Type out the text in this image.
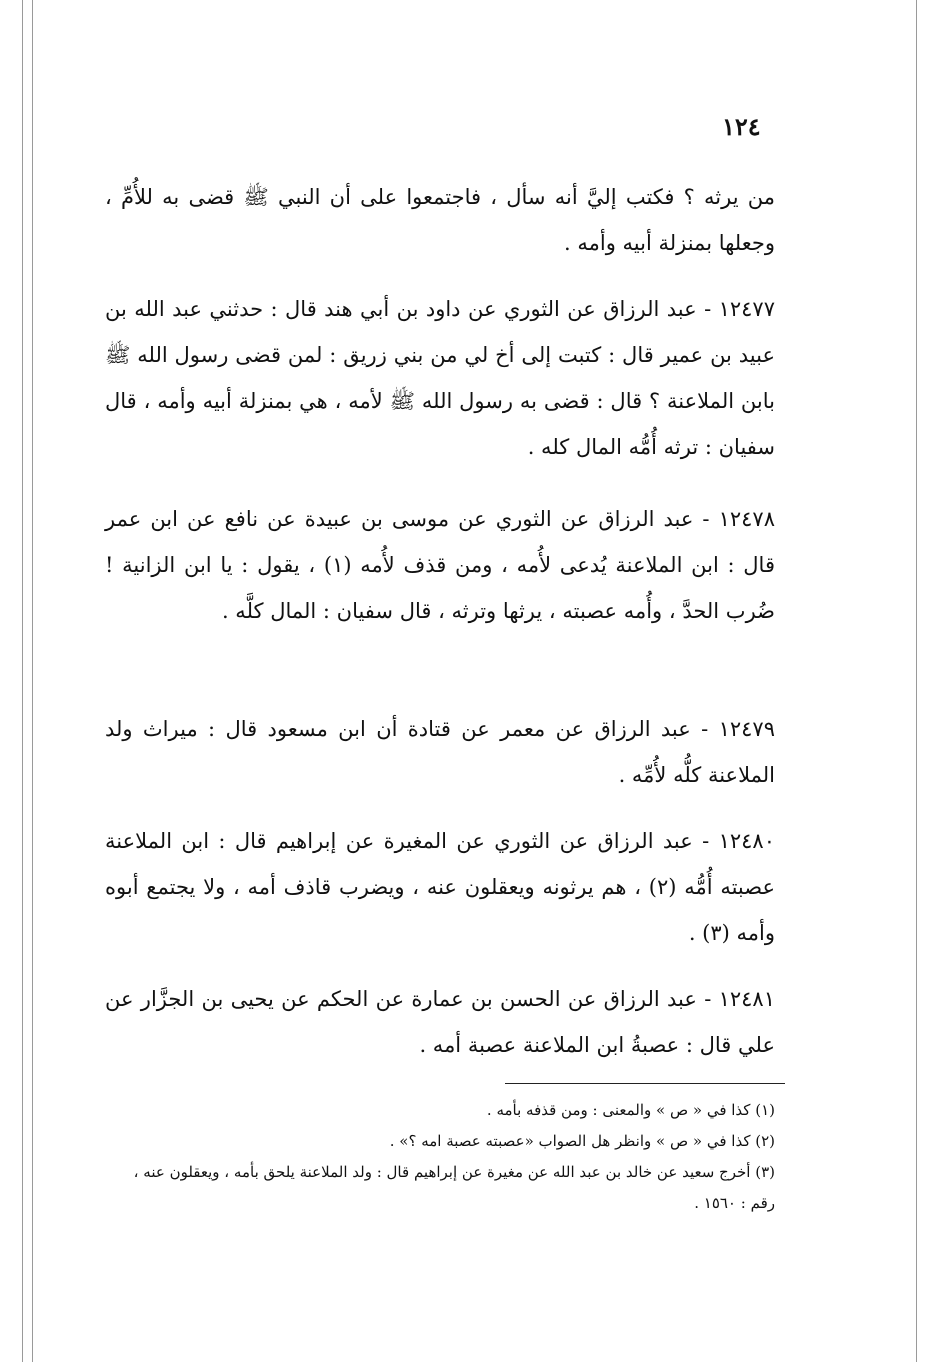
١٢٤

من يرثه ؟ فكتب إليَّ أنه سأل ، فاجتمعوا على أن النبي ﷺ قضى به للأُمِّ ، وجعلها بمنزلة أبيه وأمه .

١٢٤٧٧ - عبد الرزاق عن الثوري عن داود بن أبي هند قال : حدثني عبد الله بن عبيد بن عمير قال : كتبت إلى أخ لي من بني زريق : لمن قضى رسول الله ﷺ بابن الملاعنة ؟ قال : قضى به رسول الله ﷺ لأمه ، هي بمنزلة أبيه وأمه ، قال سفيان : ترثه أُمُّه المال كله .

١٢٤٧٨ - عبد الرزاق عن الثوري عن موسى بن عبيدة عن نافع عن ابن عمر قال : ابن الملاعنة يُدعى لأُمه ، ومن قذف لأُمه (١) ، يقول : يا ابن الزانية ! ضُرب الحدَّ ، وأُمه عصبته ، يرثها وترثه ، قال سفيان : المال كلَّه .

١٢٤٧٩ - عبد الرزاق عن معمر عن قتادة أن ابن مسعود قال : ميراث ولد الملاعنة كلُّه لأُمِّه .

١٢٤٨٠ - عبد الرزاق عن الثوري عن المغيرة عن إبراهيم قال : ابن الملاعنة عصبته أُمُّه (٢) ، هم يرثونه ويعقلون عنه ، ويضرب قاذف أمه ، ولا يجتمع أبوه وأمه (٣) .

١٢٤٨١ - عبد الرزاق عن الحسن بن عمارة عن الحكم عن يحيى بن الجزَّار عن علي قال : عصبةُ ابن الملاعنة عصبة أمه .

(١) كذا في « ص » والمعنى : ومن قذفه بأمه .

(٢) كذا في « ص » وانظر هل الصواب «عصبته عصبة امه ؟» .

(٣) أخرج سعيد عن خالد بن عبد الله عن مغيرة عن إبراهيم قال : ولد الملاعنة يلحق بأمه ، ويعقلون عنه ، رقم : ١٥٦٠ .
